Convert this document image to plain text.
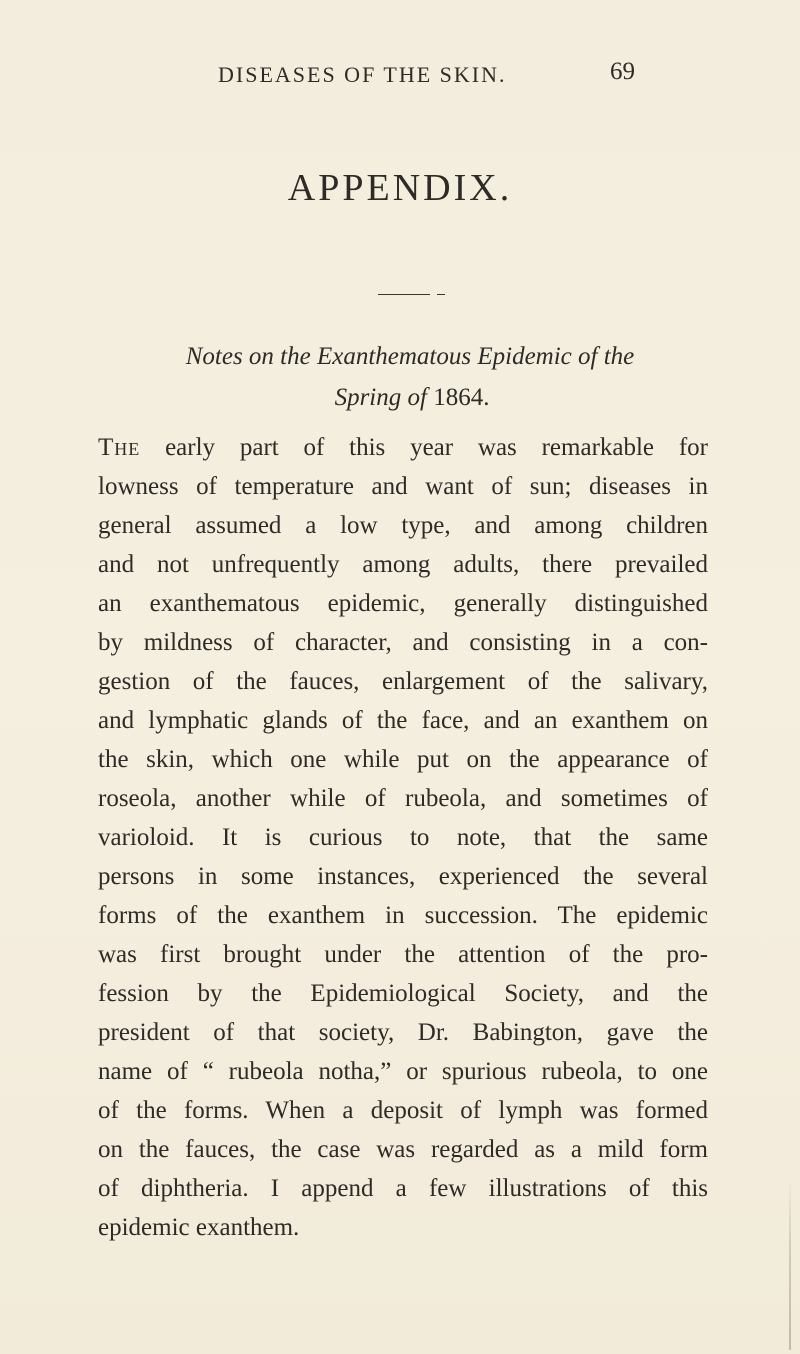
DISEASES OF THE SKIN.	69
APPENDIX.
Notes on the Exanthematous Epidemic of the
Spring of 1864.
The early part of this year was remarkable for
lowness of temperature and want of sun; diseases in
general assumed a low type, and among children
and not unfrequently among adults, there prevailed
an exanthematous epidemic, generally distinguished
by mildness of character, and consisting in a con-
gestion of the fauces, enlargement of the salivary,
and lymphatic glands of the face, and an exanthem on
the skin, which one while put on the appearance of
roseola, another while of rubeola, and sometimes of
varioloid. It is curious to note, that the same
persons in some instances, experienced the several
forms of the exanthem in succession. The epidemic
was first brought under the attention of the pro-
fession by the Epidemiological Society, and the
president of that society, Dr. Babington, gave the
name of “ rubeola notha,” or spurious rubeola, to one
of the forms. When a deposit of lymph was formed
on the fauces, the case was regarded as a mild form
of diphtheria. I append a few illustrations of this
epidemic exanthem.
